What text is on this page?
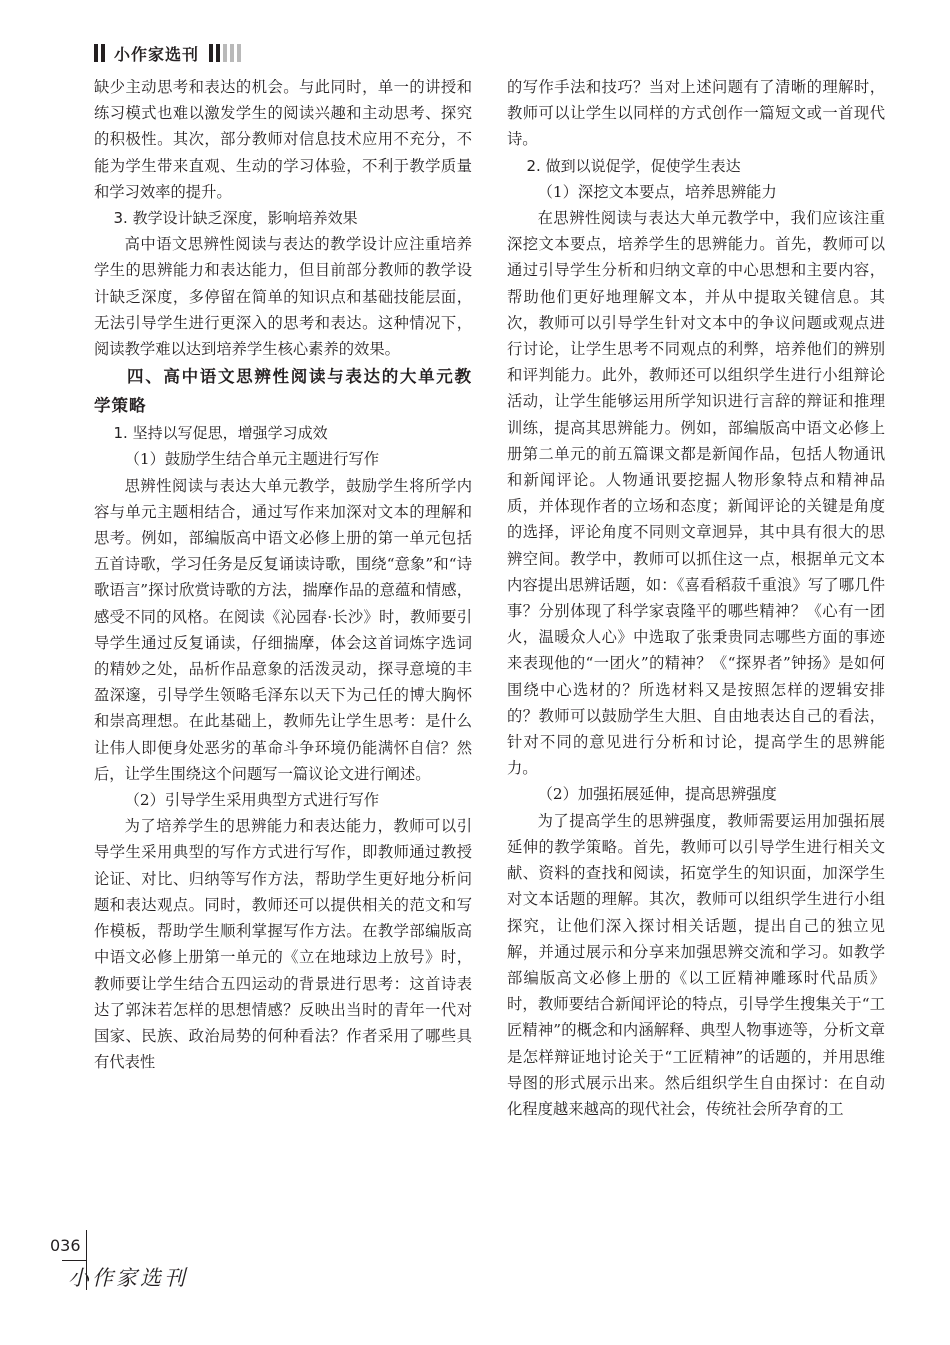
小作家选刊

缺少主动思考和表达的机会。与此同时，单一的讲授和练习模式也难以激发学生的阅读兴趣和主动思考、探究的积极性。其次，部分教师对信息技术应用不充分，不能为学生带来直观、生动的学习体验，不利于教学质量和学习效率的提升。

3. 教学设计缺乏深度，影响培养效果

高中语文思辨性阅读与表达的教学设计应注重培养学生的思辨能力和表达能力，但目前部分教师的教学设计缺乏深度，多停留在简单的知识点和基础技能层面，无法引导学生进行更深入的思考和表达。这种情况下，阅读教学难以达到培养学生核心素养的效果。

四、高中语文思辨性阅读与表达的大单元教学策略

1. 坚持以写促思，增强学习成效

（1）鼓励学生结合单元主题进行写作

思辨性阅读与表达大单元教学，鼓励学生将所学内容与单元主题相结合，通过写作来加深对文本的理解和思考。例如，部编版高中语文必修上册的第一单元包括五首诗歌，学习任务是反复诵读诗歌，围绕“意象”和“诗歌语言”探讨欣赏诗歌的方法，揣摩作品的意蕴和情感，感受不同的风格。在阅读《沁园春·长沙》时，教师要引导学生通过反复诵读，仔细揣摩，体会这首词炼字选词的精妙之处，品析作品意象的活泼灵动，探寻意境的丰盈深邃，引导学生领略毛泽东以天下为己任的博大胸怀和崇高理想。在此基础上，教师先让学生思考：是什么让伟人即便身处恶劣的革命斗争环境仍能满怀自信？然后，让学生围绕这个问题写一篇议论文进行阐述。

（2）引导学生采用典型方式进行写作

为了培养学生的思辨能力和表达能力，教师可以引导学生采用典型的写作方式进行写作，即教师通过教授论证、对比、归纳等写作方法，帮助学生更好地分析问题和表达观点。同时，教师还可以提供相关的范文和写作模板，帮助学生顺利掌握写作方法。在教学部编版高中语文必修上册第一单元的《立在地球边上放号》时，教师要让学生结合五四运动的背景进行思考：这首诗表达了郭沫若怎样的思想情感？反映出当时的青年一代对国家、民族、政治局势的何种看法？作者采用了哪些具有代表性

的写作手法和技巧？当对上述问题有了清晰的理解时，教师可以让学生以同样的方式创作一篇短文或一首现代诗。

2. 做到以说促学，促使学生表达

（1）深挖文本要点，培养思辨能力

在思辨性阅读与表达大单元教学中，我们应该注重深挖文本要点，培养学生的思辨能力。首先，教师可以通过引导学生分析和归纳文章的中心思想和主要内容，帮助他们更好地理解文本，并从中提取关键信息。其次，教师可以引导学生针对文本中的争议问题或观点进行讨论，让学生思考不同观点的利弊，培养他们的辨别和评判能力。此外，教师还可以组织学生进行小组辩论活动，让学生能够运用所学知识进行言辞的辩证和推理训练，提高其思辨能力。例如，部编版高中语文必修上册第二单元的前五篇课文都是新闻作品，包括人物通讯和新闻评论。人物通讯要挖掘人物形象特点和精神品质，并体现作者的立场和态度；新闻评论的关键是角度的选择，评论角度不同则文章迥异，其中具有很大的思辨空间。教学中，教师可以抓住这一点，根据单元文本内容提出思辨话题，如：《喜看稻菽千重浪》写了哪几件事？分别体现了科学家袁隆平的哪些精神？《心有一团火，温暖众人心》中选取了张秉贵同志哪些方面的事迹来表现他的“一团火”的精神？《“探界者”钟扬》是如何围绕中心选材的？所选材料又是按照怎样的逻辑安排的？教师可以鼓励学生大胆、自由地表达自己的看法，针对不同的意见进行分析和讨论，提高学生的思辨能力。

（2）加强拓展延伸，提高思辨强度

为了提高学生的思辨强度，教师需要运用加强拓展延伸的教学策略。首先，教师可以引导学生进行相关文献、资料的查找和阅读，拓宽学生的知识面，加深学生对文本话题的理解。其次，教师可以组织学生进行小组探究，让他们深入探讨相关话题，提出自己的独立见解，并通过展示和分享来加强思辨交流和学习。如教学部编版高文必修上册的《以工匠精神雕琢时代品质》时，教师要结合新闻评论的特点，引导学生搜集关于“工匠精神”的概念和内涵解释、典型人物事迹等，分析文章是怎样辩证地讨论关于“工匠精神”的话题的，并用思维导图的形式展示出来。然后组织学生自由探讨：在自动化程度越来越高的现代社会，传统社会所孕育的工

036
小作家选刊
